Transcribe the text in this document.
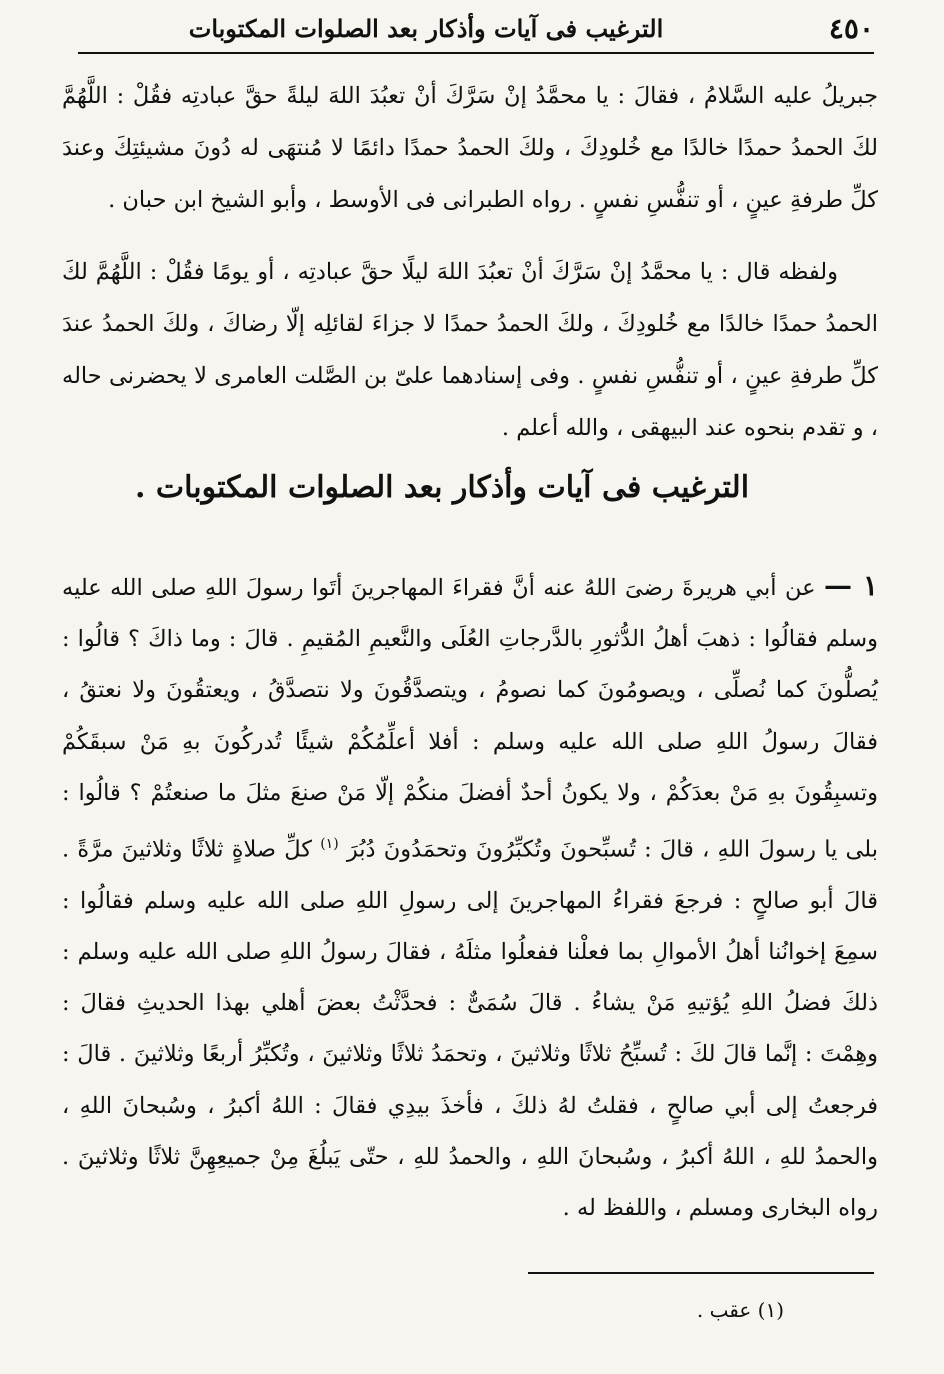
٤٥٠
الترغيب فى آيات وأذكار بعد الصلوات المكتوبات

جبريلُ عليه السَّلامُ ، فقالَ : يا محمَّدُ إنْ سَرَّكَ أنْ تعبُدَ اللهَ ليلةً حقَّ عبادتِه فقُلْ : اللَّهُمَّ لكَ الحمدُ حمدًا خالدًا مع خُلودِكَ ، ولكَ الحمدُ حمدًا دائمًا لا مُنتهَى له دُونَ مشيئتِكَ وعندَ كلِّ طرفةِ عينٍ ، أو تنفُّسِ نفسٍ . رواه الطبرانى فى الأوسط ، وأبو الشيخ ابن حبان .

ولفظه قال : يا محمَّدُ إنْ سَرَّكَ أنْ تعبُدَ اللهَ ليلًا حقَّ عبادتِه ، أو يومًا فقُلْ : اللَّهُمَّ لكَ الحمدُ حمدًا خالدًا مع خُلودِكَ ، ولكَ الحمدُ حمدًا لا جزاءَ لقائلِه إلّا رضاكَ ، ولكَ الحمدُ عندَ كلِّ طرفةِ عينٍ ، أو تنفُّسِ نفسٍ . وفى إسنادهما علىّ بن الصَّلت العامرى لا يحضرنى حاله ، و تقدم بنحوه عند البيهقى ، والله أعلم .

الترغيب فى آيات وأذكار بعد الصلوات المكتوبات .

١ — عن أبي هريرةَ رضىَ اللهُ عنه أنَّ فقراءَ المهاجرينَ أتَوا رسولَ اللهِ صلى الله عليه وسلم فقالُوا : ذهبَ أهلُ الدُّثورِ بالدَّرجاتِ العُلَى والنَّعيمِ المُقيمِ . قالَ : وما ذاكَ ؟ قالُوا : يُصلُّونَ كما نُصلِّى ، ويصومُونَ كما نصومُ ، ويتصدَّقُونَ ولا نتصدَّقُ ، ويعتقُونَ ولا نعتقُ ، فقالَ رسولُ اللهِ صلى الله عليه وسلم : أفلا أعلِّمُكُمْ شيئًا تُدركُونَ بهِ مَنْ سبقَكُمْ وتسبِقُونَ بهِ مَنْ بعدَكُمْ ، ولا يكونُ أحدٌ أفضلَ منكُمْ إلّا مَنْ صنعَ مثلَ ما صنعتُمْ ؟ قالُوا : بلى يا رسولَ اللهِ ، قالَ : تُسبِّحونَ وتُكبِّرُونَ وتحمَدُونَ دُبُرَ $^{(١)}$ كلِّ صلاةٍ ثلاثًا وثلاثينَ مرَّةً . قالَ أبو صالحٍ : فرجعَ فقراءُ المهاجرينَ إلى رسولِ اللهِ صلى الله عليه وسلم فقالُوا : سمِعَ إخوانُنا أهلُ الأموالِ بما فعلْنا ففعلُوا مثلَهُ ، فقالَ رسولُ اللهِ صلى الله عليه وسلم : ذلكَ فضلُ اللهِ يُؤتيهِ مَنْ يشاءُ . قالَ سُمَىٌّ : فحدَّثْتُ بعضَ أهلي بهذا الحديثِ فقالَ : وهِمْتَ : إنَّما قالَ لكَ : تُسبِّحُ ثلاثًا وثلاثينَ ، وتحمَدُ ثلاثًا وثلاثينَ ، وتُكبِّرُ أربعًا وثلاثينَ . قالَ : فرجعتُ إلى أبي صالحٍ ، فقلتُ لهُ ذلكَ ، فأخذَ بيدِي فقالَ : اللهُ أكبرُ ، وسُبحانَ اللهِ ، والحمدُ للهِ ، اللهُ أكبرُ ، وسُبحانَ اللهِ ، والحمدُ للهِ ، حتّى يَبلُغَ مِنْ جميعِهِنَّ ثلاثًا وثلاثينَ . رواه البخارى ومسلم ، واللفظ له .

(١) عقب .
